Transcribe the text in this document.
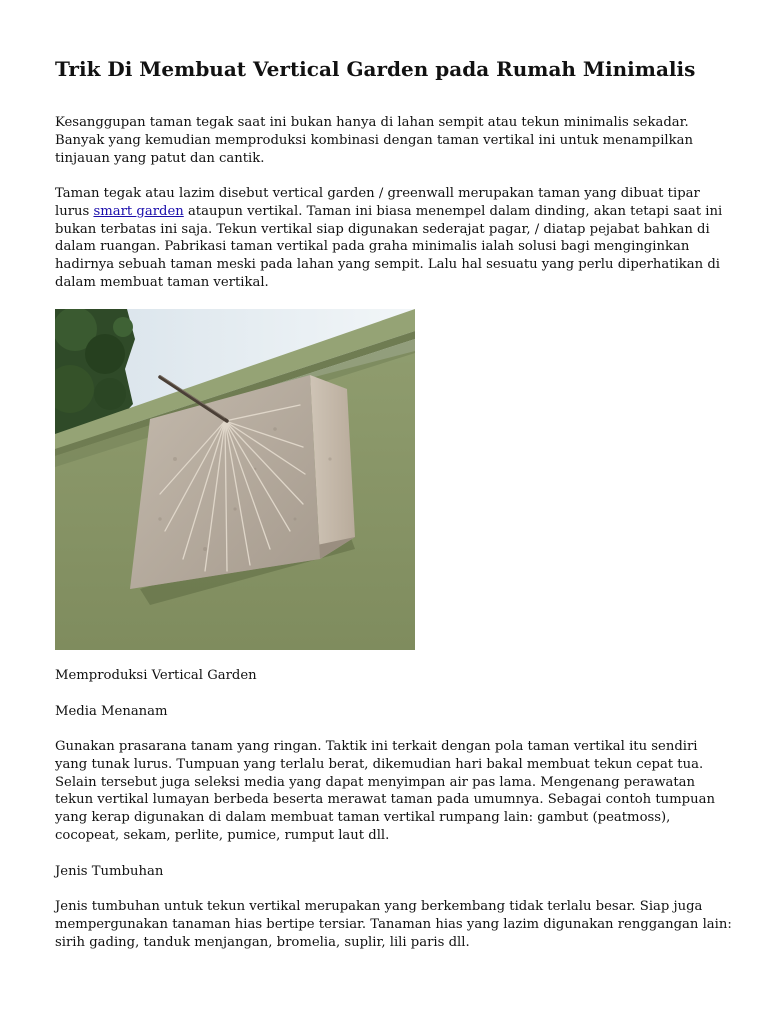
Trik Di Membuat Vertical Garden pada Rumah Minimalis

Kesanggupan taman tegak saat ini bukan hanya di lahan sempit atau tekun minimalis sekadar.
Banyak yang kemudian memproduksi kombinasi dengan taman vertikal ini untuk menampilkan
tinjauan yang patut dan cantik.

Taman tegak atau lazim disebut vertical garden / greenwall merupakan taman yang dibuat tipar
lurus smart garden ataupun vertikal. Taman ini biasa menempel dalam dinding, akan tetapi saat ini
bukan terbatas ini saja. Tekun vertikal siap digunakan sederajat pagar, / diatap pejabat bahkan di
dalam ruangan. Pabrikasi taman vertikal pada graha minimalis ialah solusi bagi menginginkan
hadirnya sebuah taman meski pada lahan yang sempit. Lalu hal sesuatu yang perlu diperhatikan di
dalam membuat taman vertikal.

Memproduksi Vertical Garden

Media Menanam

Gunakan prasarana tanam yang ringan. Taktik ini terkait dengan pola taman vertikal itu sendiri
yang tunak lurus. Tumpuan yang terlalu berat, dikemudian hari bakal membuat tekun cepat tua.
Selain tersebut juga seleksi media yang dapat menyimpan air pas lama. Mengenang perawatan
tekun vertikal lumayan berbeda beserta merawat taman pada umumnya. Sebagai contoh tumpuan
yang kerap digunakan di dalam membuat taman vertikal rumpang lain: gambut (peatmoss),
cocopeat, sekam, perlite, pumice, rumput laut dll.

Jenis Tumbuhan

Jenis tumbuhan untuk tekun vertikal merupakan yang berkembang tidak terlalu besar. Siap juga
mempergunakan tanaman hias bertipe tersiar. Tanaman hias yang lazim digunakan renggangan lain:
sirih gading, tanduk menjangan, bromelia, suplir, lili paris dll.
